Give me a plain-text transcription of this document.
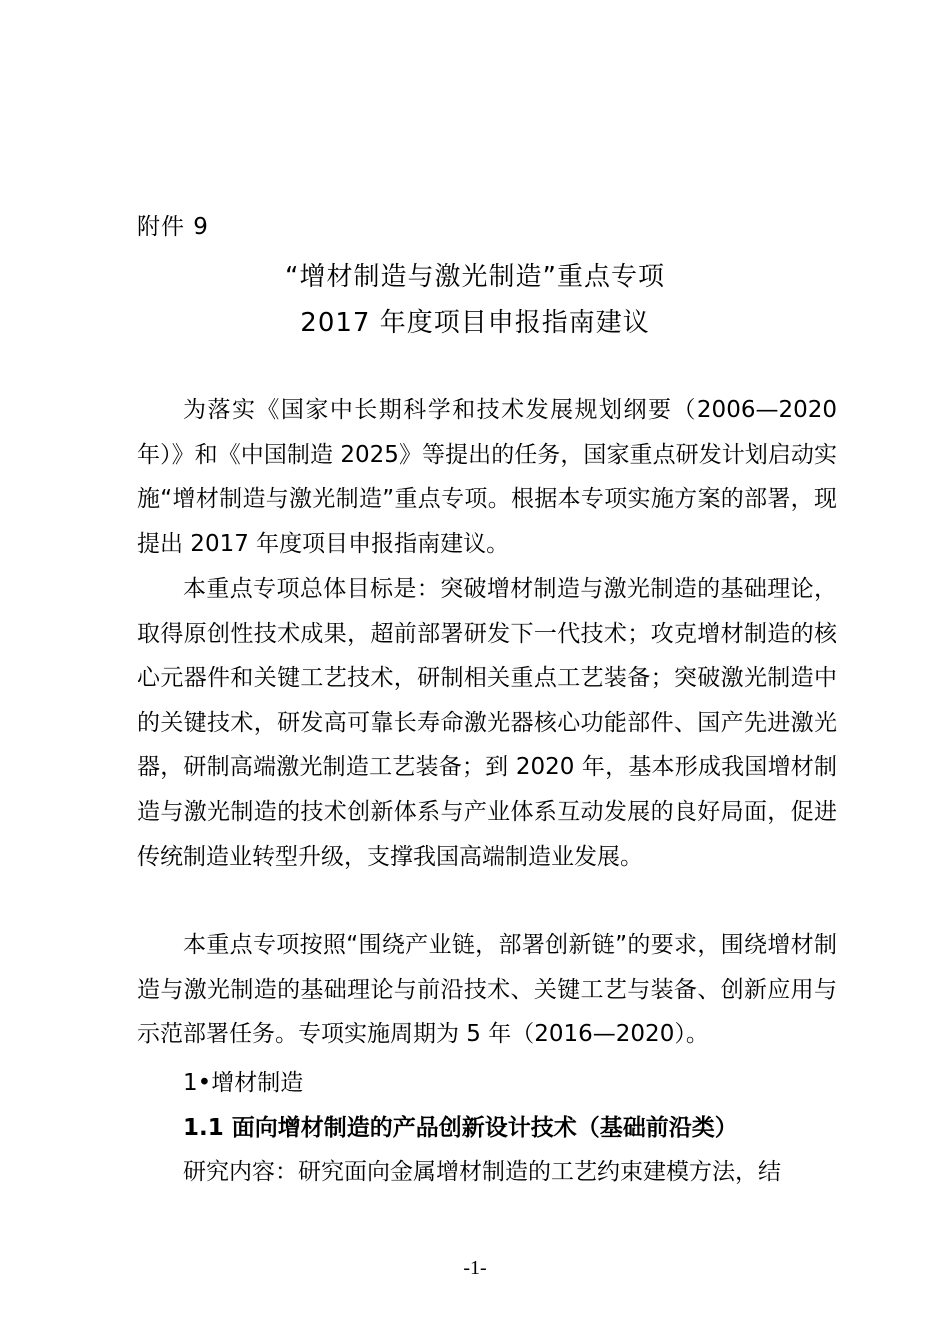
附件 9
“增材制造与激光制造”重点专项
2017 年度项目申报指南建议
为落实《国家中长期科学和技术发展规划纲要（2006—2020年）》和《中国制造 2025》等提出的任务，国家重点研发计划启动实施“增材制造与激光制造”重点专项。根据本专项实施方案的部署，现提出 2017 年度项目申报指南建议。
本重点专项总体目标是：突破增材制造与激光制造的基础理论，取得原创性技术成果，超前部署研发下一代技术；攻克增材制造的核心元器件和关键工艺技术，研制相关重点工艺装备；突破激光制造中的关键技术，研发高可靠长寿命激光器核心功能部件、国产先进激光器，研制高端激光制造工艺装备；到 2020 年，基本形成我国增材制造与激光制造的技术创新体系与产业体系互动发展的良好局面，促进传统制造业转型升级，支撑我国高端制造业发展。
本重点专项按照“围绕产业链，部署创新链”的要求，围绕增材制造与激光制造的基础理论与前沿技术、关键工艺与装备、创新应用与示范部署任务。专项实施周期为 5 年（2016—2020）。
1•增材制造
1.1 面向增材制造的产品创新设计技术（基础前沿类）
研究内容：研究面向金属增材制造的工艺约束建模方法，结
-1-
